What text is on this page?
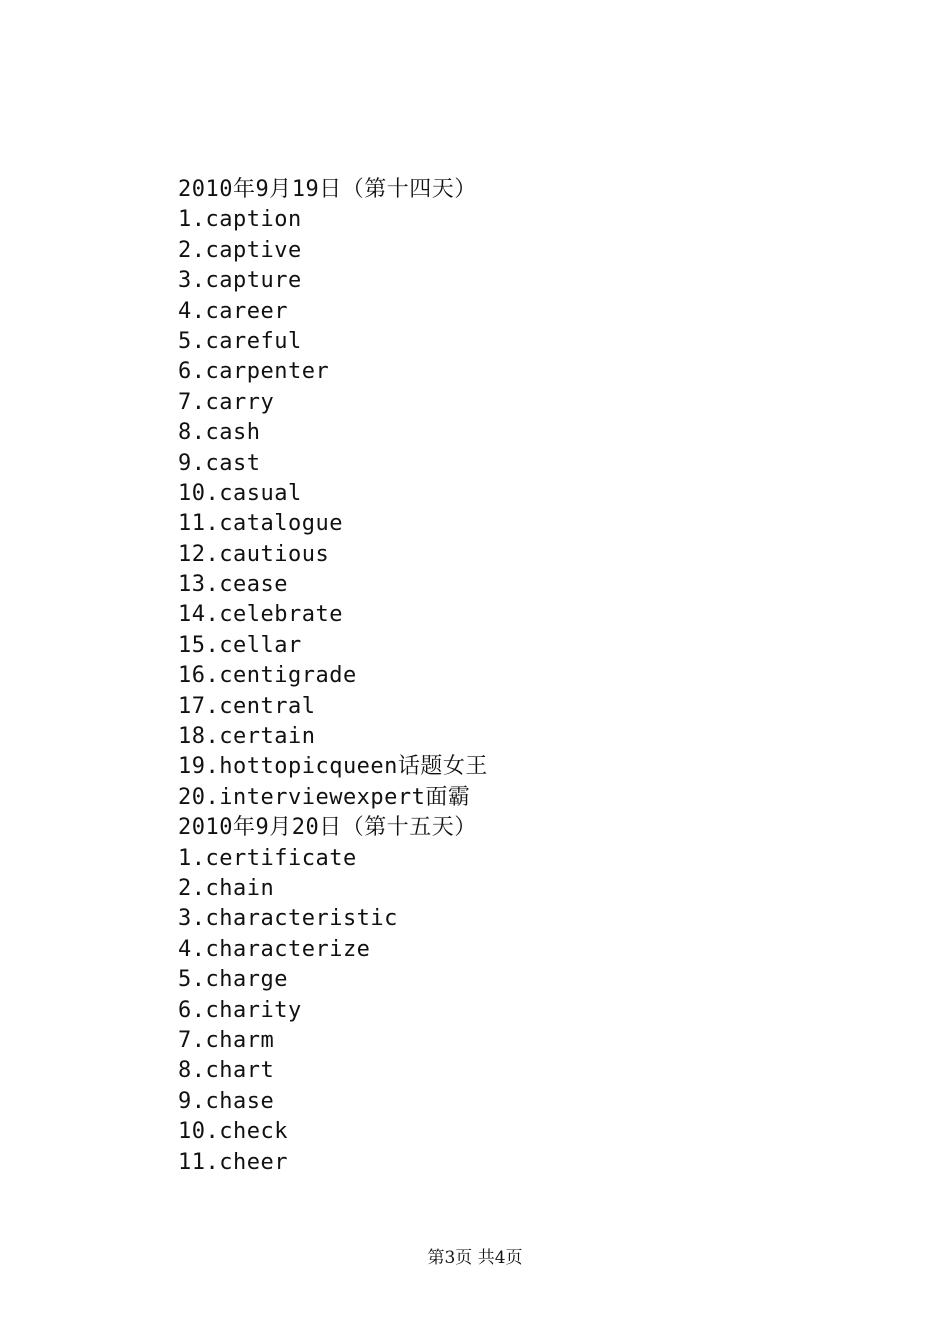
2010年9月19日（第十四天）
1.caption
2.captive
3.capture
4.career
5.careful
6.carpenter
7.carry
8.cash
9.cast
10.casual
11.catalogue
12.cautious
13.cease
14.celebrate
15.cellar
16.centigrade
17.central
18.certain
19.hottopicqueen话题女王
20.interviewexpert面霸
2010年9月20日（第十五天）
1.certificate
2.chain
3.characteristic
4.characterize
5.charge
6.charity
7.charm
8.chart
9.chase
10.check
11.cheer
第3页 共4页
